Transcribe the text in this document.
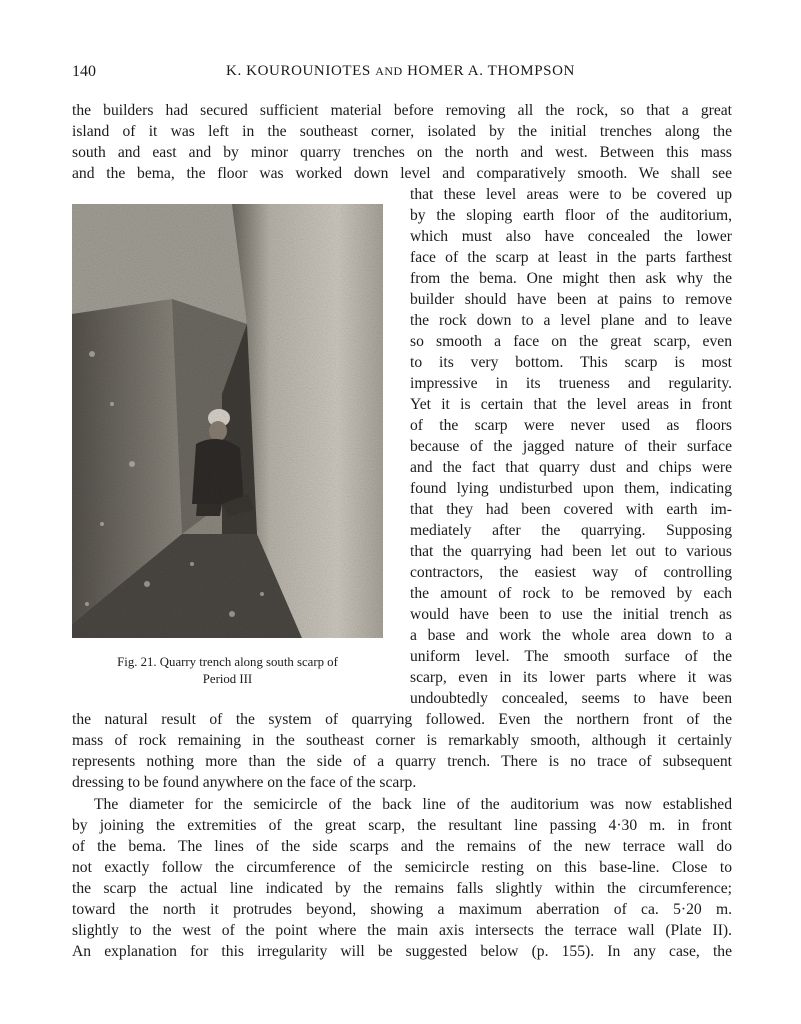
140	K. KOUROUNIOTES AND HOMER A. THOMPSON
the builders had secured sufficient material before removing all the rock, so that a great
island of it was left in the southeast corner, isolated by the initial trenches along the
south and east and by minor quarry trenches on the north and west. Between this mass
and the bema, the floor was worked down level and comparatively smooth. We shall see
that these level areas were to be covered up
by the sloping earth floor of the auditorium,
which must also have concealed the lower
face of the scarp at least in the parts farthest
from the bema. One might then ask why the
builder should have been at pains to remove
the rock down to a level plane and to leave
so smooth a face on the great scarp, even
to its very bottom. This scarp is most
impressive in its trueness and regularity.
Yet it is certain that the level areas in front
of the scarp were never used as floors
because of the jagged nature of their surface
and the fact that quarry dust and chips were
found lying undisturbed upon them, indicating
that they had been covered with earth im-
mediately after the quarrying. Supposing
that the quarrying had been let out to various
contractors, the easiest way of controlling
the amount of rock to be removed by each
would have been to use the initial trench as
a base and work the whole area down to a
uniform level. The smooth surface of the
scarp, even in its lower parts where it was
undoubtedly concealed, seems to have been
the natural result of the system of quarrying followed. Even the northern front of the
mass of rock remaining in the southeast corner is remarkably smooth, although it certainly
represents nothing more than the side of a quarry trench. There is no trace of subsequent
dressing to be found anywhere on the face of the scarp.
The diameter for the semicircle of the back line of the auditorium was now established
by joining the extremities of the great scarp, the resultant line passing 4·30 m. in front
of the bema. The lines of the side scarps and the remains of the new terrace wall do
not exactly follow the circumference of the semicircle resting on this base-line. Close to
the scarp the actual line indicated by the remains falls slightly within the circumference;
toward the north it protrudes beyond, showing a maximum aberration of ca. 5·20 m.
slightly to the west of the point where the main axis intersects the terrace wall (Plate II).
An explanation for this irregularity will be suggested below (p. 155). In any case, the
Fig. 21. Quarry trench along south scarp of
Period III
